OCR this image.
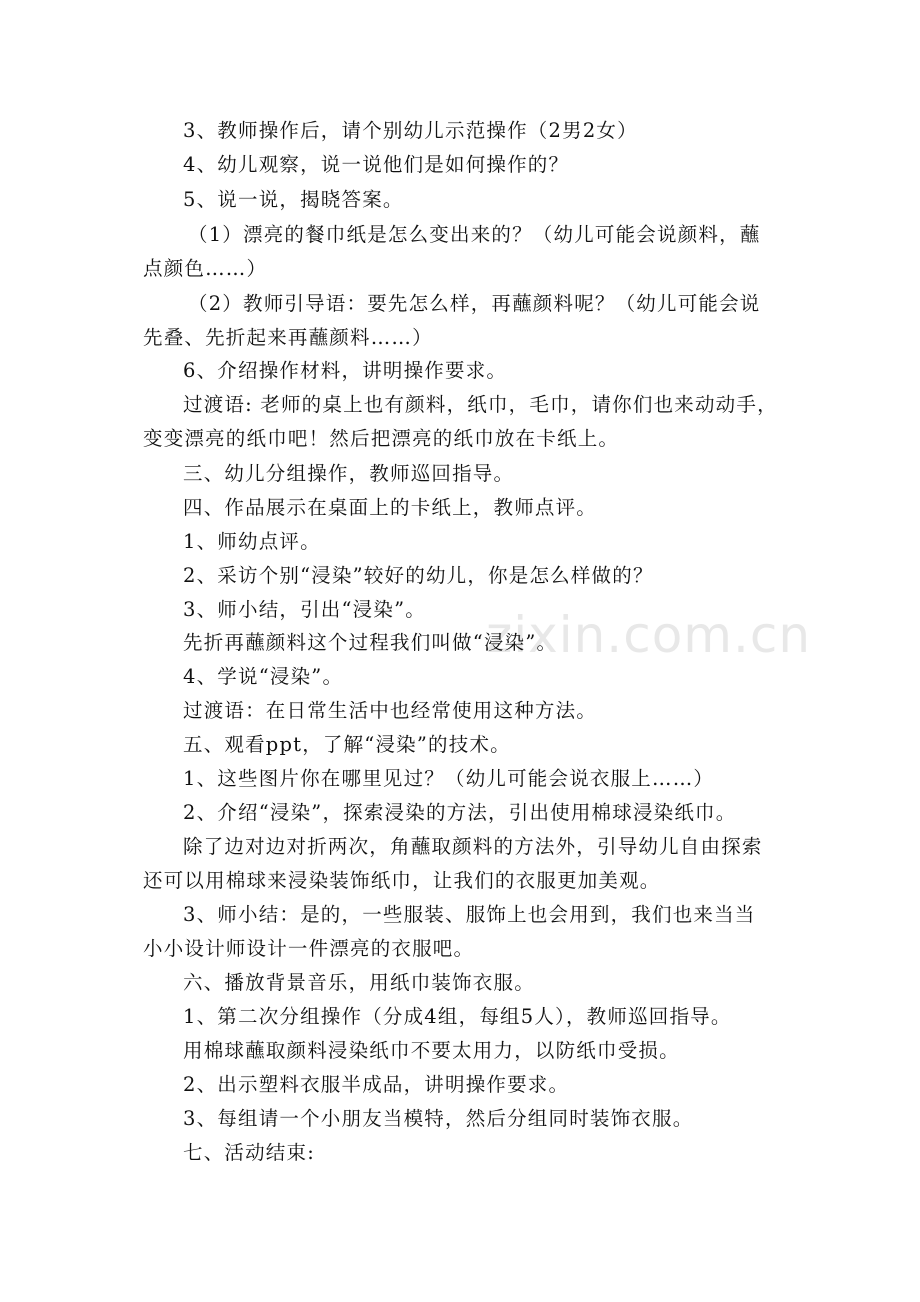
zixin.com.cn
3、教师操作后，请个别幼儿示范操作（2男2女）
4、幼儿观察，说一说他们是如何操作的？
5、说一说，揭晓答案。
（1）漂亮的餐巾纸是怎么变出来的？（幼儿可能会说颜料，蘸
点颜色……）
（2）教师引导语：要先怎么样，再蘸颜料呢？（幼儿可能会说
先叠、先折起来再蘸颜料……）
6、介绍操作材料，讲明操作要求。
过渡语: 老师的桌上也有颜料，纸巾，毛巾，请你们也来动动手，
变变漂亮的纸巾吧！然后把漂亮的纸巾放在卡纸上。
三、幼儿分组操作，教师巡回指导。
四、作品展示在桌面上的卡纸上，教师点评。
1、师幼点评。
2、采访个别“浸染”较好的幼儿，你是怎么样做的？
3、师小结，引出“浸染”。
先折再蘸颜料这个过程我们叫做“浸染”。
4、学说“浸染”。
过渡语：在日常生活中也经常使用这种方法。
五、观看ppt，了解“浸染”的技术。
1、这些图片你在哪里见过？（幼儿可能会说衣服上……）
2、介绍“浸染”，探索浸染的方法，引出使用棉球浸染纸巾。
除了边对边对折两次，角蘸取颜料的方法外，引导幼儿自由探索
还可以用棉球来浸染装饰纸巾，让我们的衣服更加美观。
3、师小结：是的，一些服装、服饰上也会用到，我们也来当当
小小设计师设计一件漂亮的衣服吧。
六、播放背景音乐，用纸巾装饰衣服。
1、第二次分组操作（分成4组，每组5人），教师巡回指导。
用棉球蘸取颜料浸染纸巾不要太用力，以防纸巾受损。
2、出示塑料衣服半成品，讲明操作要求。
3、每组请一个小朋友当模特，然后分组同时装饰衣服。
七、活动结束:
